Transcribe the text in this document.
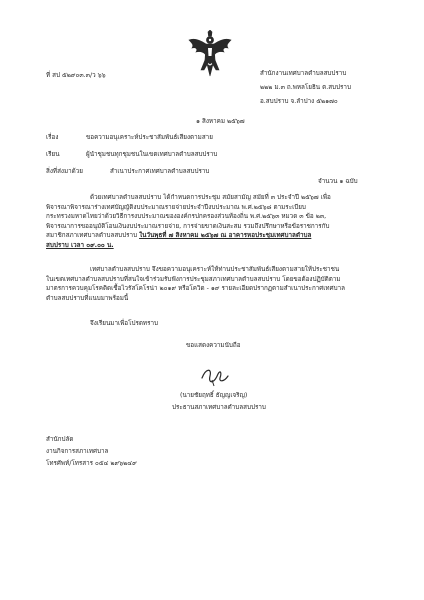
ที่ สป ๕๒๙๐๓.๓/ว ๖๖	สำนักงานเทศบาลตำบลสบปราบ
๒๒๒ ม.๓ ถ.พหลโยธิน ต.สบปราบ
อ.สบปราบ จ.ลำปาง ๕๒๑๗๐
๑ สิงหาคม ๒๕๖๗
เรื่อง	ขอความอนุเคราะห์ประชาสัมพันธ์เสียงตามสาย
เรียน	ผู้นำชุมชนทุกชุมชนในเขตเทศบาลตำบลสบปราบ
สิ่งที่ส่งมาด้วย	สำเนาประกาศเทศบาลตำบลสบปราบ
จำนวน ๑ ฉบับ
ด้วยเทศบาลตำบลสบปราบ ได้กำหนดการประชุม สมัยสามัญ สมัยที่ ๓ ประจำปี ๒๕๖๗ เพื่อ
พิจารณาพิจารณาร่างเทศบัญญัติงบประมาณรายจ่ายประจำปีงบประมาณ พ.ศ.๒๕๖๘ ตามระเบียบ
กระทรวงมหาดไทยว่าด้วยวิธีการงบประมาณขององค์กรปกครองส่วนท้องถิ่น พ.ศ.๒๕๖๓ หมวด ๓ ข้อ ๒๓,
พิจารณาการขออนุมัติโอนเงินงบประมาณรายจ่าย, การจ่ายขาดเงินสะสม รวมถึงปรึกษาหรือข้อราชการกับ
สมาชิกสภาเทศบาลตำบลสบปราบ ในวันพุธที่ ๗ สิงหาคม ๒๕๖๗ ณ อาคารหอประชุมเทศบาลตำบล
สบปราบ เวลา ๐๙.๐๐ น.
เทศบาลตำบลสบปราบ จึงขอความอนุเคราะห์ให้ท่านประชาสัมพันธ์เสียงตามสายให้ประชาชน
ในเขตเทศบาลตำบลสบปราบที่สนใจเข้าร่วมรับฟังการประชุมสภาเทศบาลตำบลสบปราบ โดยขอต้องปฏิบัติตาม
มาตรการควบคุมโรคติดเชื้อไวรัสโคโรน่า ๒๐๑๙ หรือโควิด - ๑๙ รายละเอียดปรากฏตามสำเนาประกาศเทศบาล
ตำบลสบปราบที่แนบมาพร้อมนี้
จึงเรียนมาเพื่อโปรดทราบ
ขอแสดงความนับถือ
(นายชัยฤทธิ์ ธัญญเจริญ)
ประธานสภาเทศบาลตำบลสบปราบ
สำนักปลัด
งานกิจการสภาเทศบาล
โทรศัพท์/โทรสาร ๐๕๔ ๒๙๖๒๔๙
